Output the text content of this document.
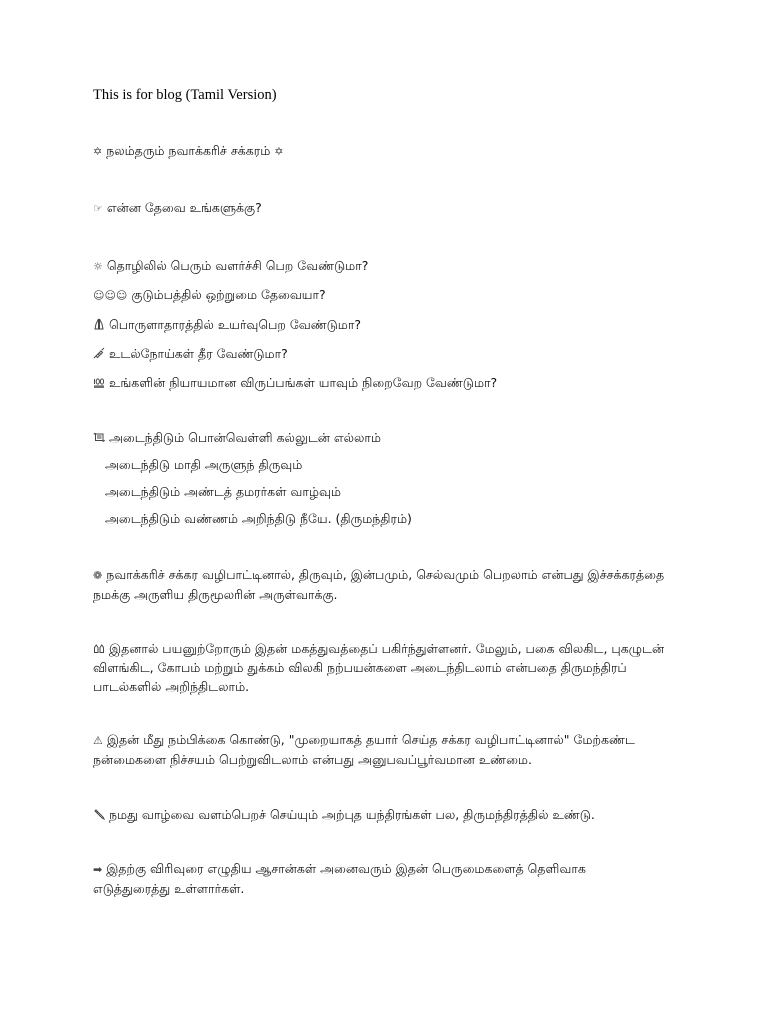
This is for blog (Tamil Version)
✡ நலம்தரும் நவாக்கரிச் சக்கரம் ✡
☞ என்ன தேவை உங்களுக்கு?
☼ தொழிலில் பெரும் வளர்ச்சி பெற வேண்டுமா?
☺☺☺ குடும்பத்தில் ஒற்றுமை தேவையா?
பொருளாதாரத்தில் உயர்வுபெற வேண்டுமா?
உடல்நோய்கள் தீர வேண்டுமா?
உங்களின் நியாயமான விருப்பங்கள் யாவும் நிறைவேற வேண்டுமா?
அடைந்திடும் பொன்வெள்ளி கல்லுடன் எல்லாம்
அடைந்திடு மாதி அருளுந் திருவும்
அடைந்திடும் அண்டத் தமரர்கள் வாழ்வும்
அடைந்திடும் வண்ணம் அறிந்திடு நீயே. (திருமந்திரம்)
❁ நவாக்கரிச் சக்கர வழிபாட்டினால், திருவும், இன்பமும், செல்வமும் பெறலாம் என்பது இச்சக்கரத்தை
நமக்கு அருளிய திருமூலரின் அருள்வாக்கு.
இதனால் பயனுற்றோரும் இதன் மகத்துவத்தைப் பகிர்ந்துள்ளனர். மேலும், பகை விலகிட, புகழுடன்
விளங்கிட, கோபம் மற்றும் துக்கம் விலகி நற்பயன்களை அடைந்திடலாம் என்பதை திருமந்திரப்
பாடல்களில் அறிந்திடலாம்.
⚠ இதன் மீது நம்பிக்கை கொண்டு, "முறையாகத் தயார் செய்த சக்கர வழிபாட்டினால்" மேற்கண்ட
நன்மைகளை நிச்சயம் பெற்றுவிடலாம் என்பது அனுபவப்பூர்வமான உண்மை.
நமது வாழ்வை வளம்பெறச் செய்யும் அற்புத யந்திரங்கள் பல, திருமந்திரத்தில் உண்டு.
➡ இதற்கு விரிவுரை எழுதிய ஆசான்கள் அனைவரும் இதன் பெருமைகளைத் தெளிவாக
எடுத்துரைத்து உள்ளார்கள்.
